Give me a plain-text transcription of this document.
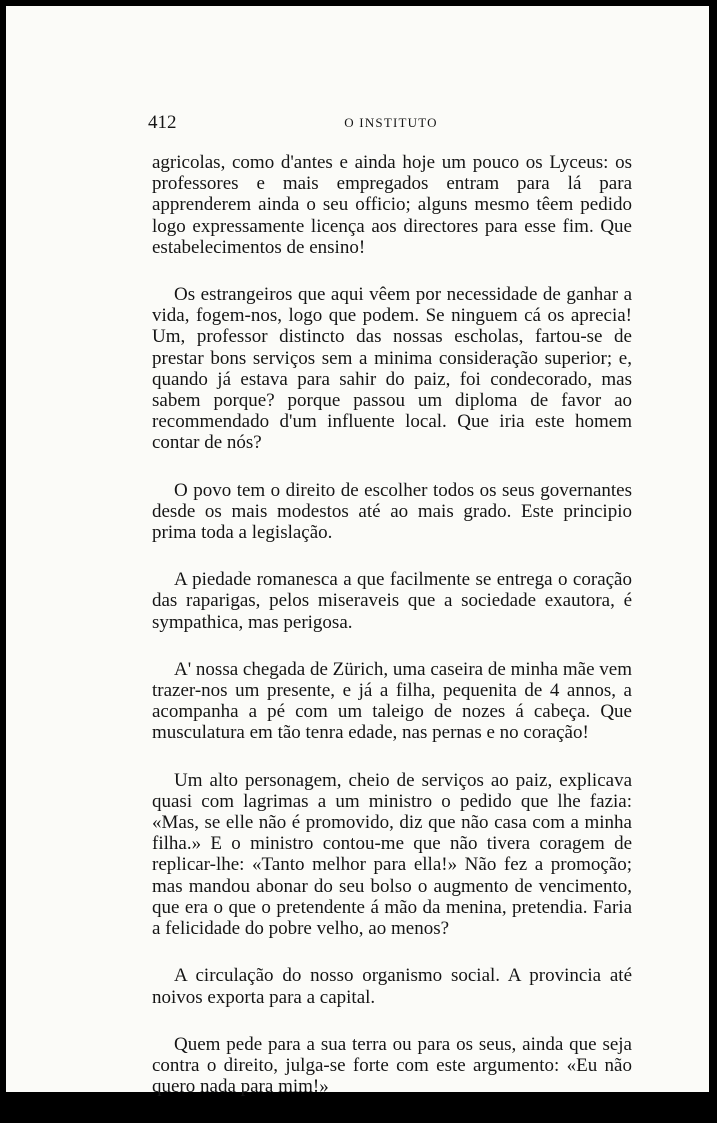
412	O INSTITUTO

agricolas, como d'antes e ainda hoje um pouco os Lyceus: os professores e mais empregados entram para lá para apprenderem ainda o seu officio; alguns mesmo têem pedido logo expressamente licença aos directores para esse fim. Que estabelecimentos de ensino!

Os estrangeiros que aqui vêem por necessidade de ganhar a vida, fogem-nos, logo que podem. Se ninguem cá os aprecia! Um, professor distincto das nossas escholas, fartou-se de prestar bons serviços sem a minima consideração superior; e, quando já estava para sahir do paiz, foi condecorado, mas sabem porque? porque passou um diploma de favor ao recommendado d'um influente local. Que iria este homem contar de nós?

O povo tem o direito de escolher todos os seus governantes desde os mais modestos até ao mais grado. Este principio prima toda a legislação.

A piedade romanesca a que facilmente se entrega o coração das raparigas, pelos miseraveis que a sociedade exautora, é sympathica, mas perigosa.

A' nossa chegada de Zürich, uma caseira de minha mãe vem trazer-nos um presente, e já a filha, pequenita de 4 annos, a acompanha a pé com um taleigo de nozes á cabeça. Que musculatura em tão tenra edade, nas pernas e no coração!

Um alto personagem, cheio de serviços ao paiz, explicava quasi com lagrimas a um ministro o pedido que lhe fazia: «Mas, se elle não é promovido, diz que não casa com a minha filha.» E o ministro contou-me que não tivera coragem de replicar-lhe: «Tanto melhor para ella!» Não fez a promoção; mas mandou abonar do seu bolso o augmento de vencimento, que era o que o pretendente á mão da menina, pretendia. Faria a felicidade do pobre velho, ao menos?

A circulação do nosso organismo social. A provincia até noivos exporta para a capital.

Quem pede para a sua terra ou para os seus, ainda que seja contra o direito, julga-se forte com este argumento: «Eu não quero nada para mim!»
